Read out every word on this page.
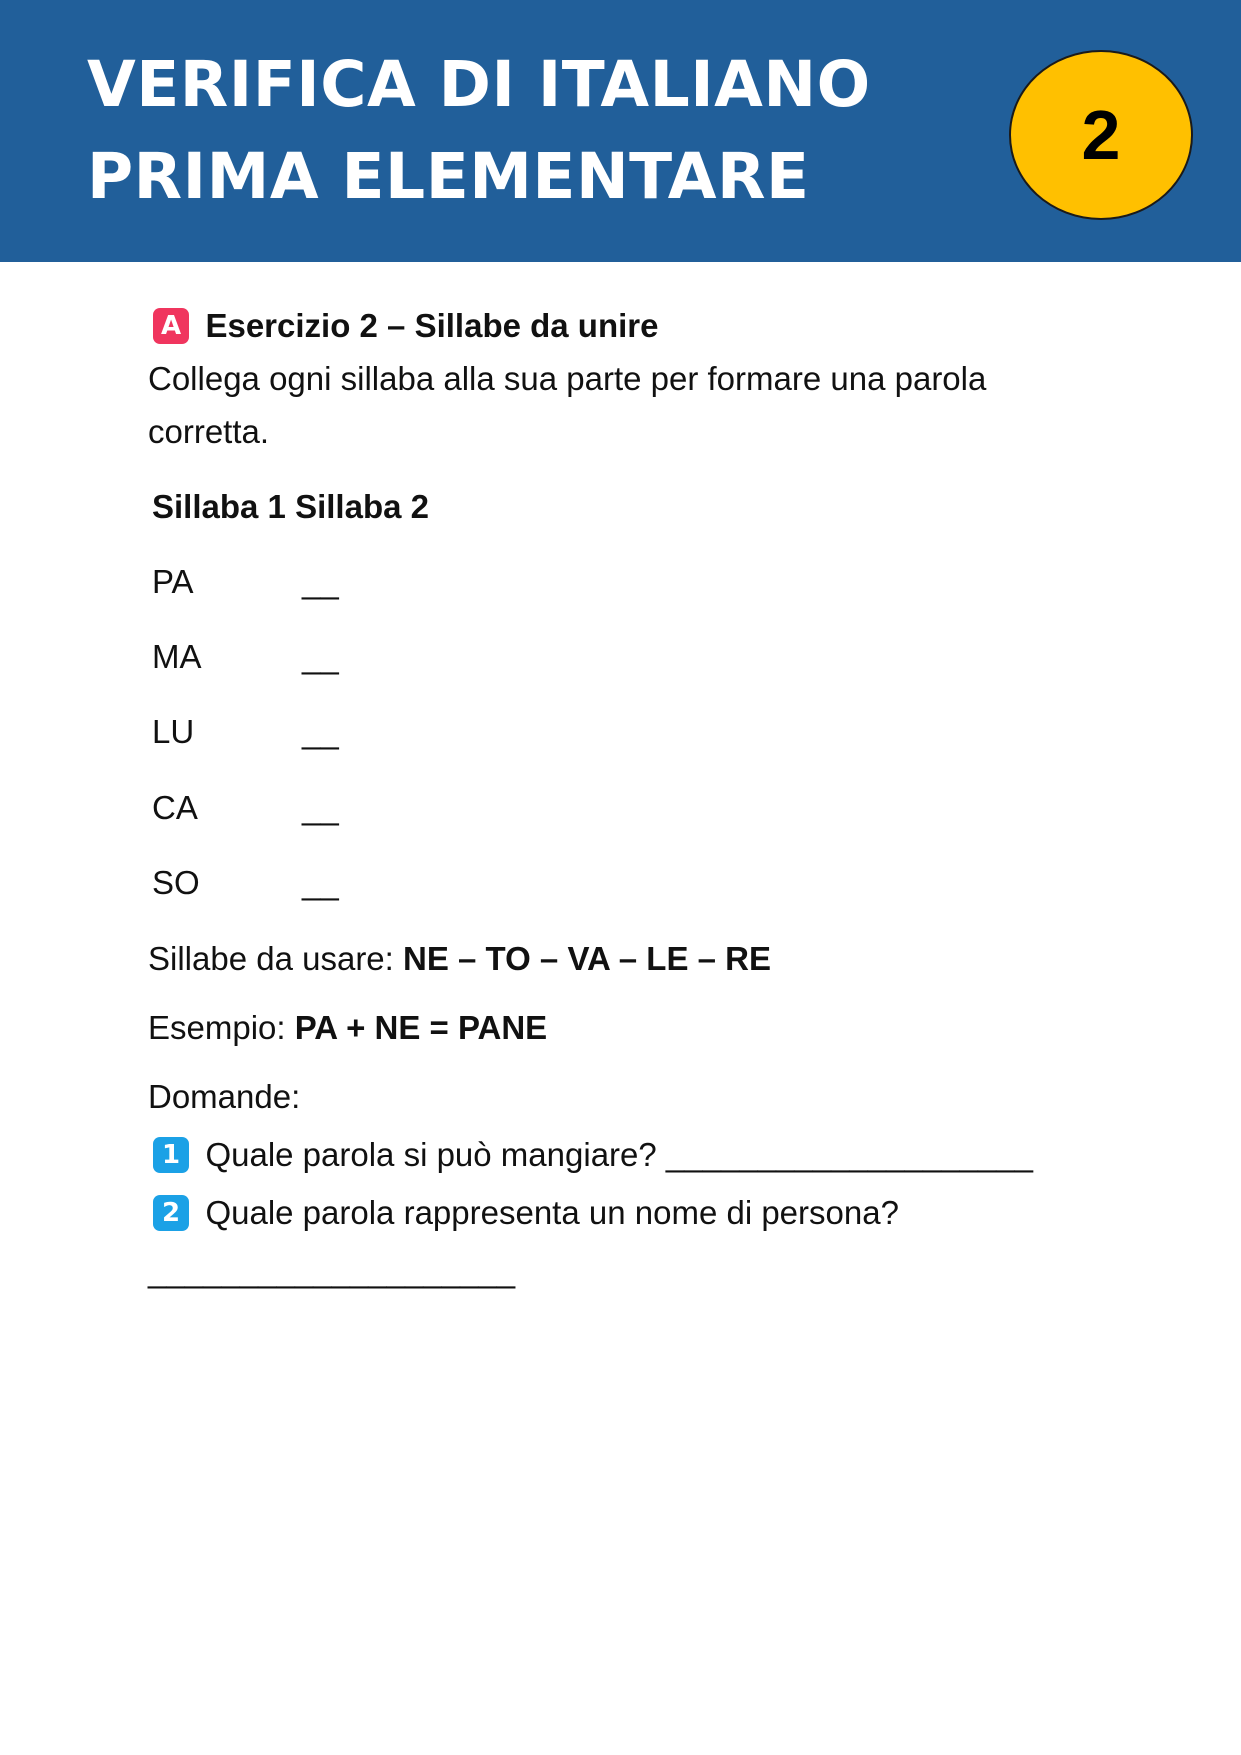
VERIFICA DI ITALIANO
PRIMA ELEMENTARE
2
A Esercizio 2 – Sillabe da unire
Collega ogni sillaba alla sua parte per formare una parola
corretta.
Sillaba 1 Sillaba 2
PA	__
MA	__
LU	__
CA	__
SO	__
Sillabe da usare: NE – TO – VA – LE – RE
Esempio: PA + NE = PANE
Domande:
1 Quale parola si può mangiare? ____________________
2 Quale parola rappresenta un nome di persona?
____________________
